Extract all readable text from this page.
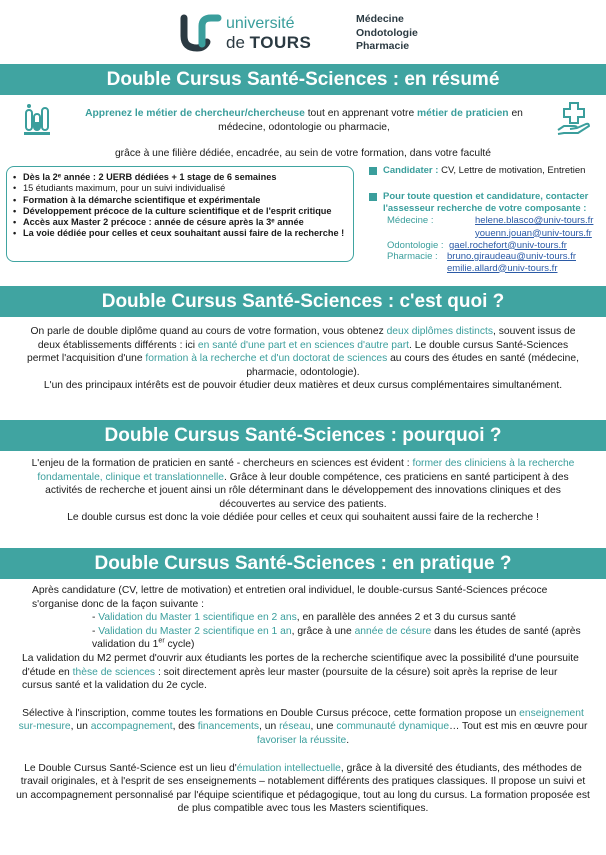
université
de TOURS
Médecine
Ondotologie
Pharmacie
Double Cursus Santé-Sciences : en résumé

Apprenez le métier de chercheur/chercheuse tout en apprenant votre métier de praticien en médecine, odontologie ou pharmacie,

grâce à une filière dédiée, encadrée, au sein de votre formation, dans votre faculté

• Dès la 2ᵉ année : 2 UERB dédiées + 1 stage de 6 semaines
• 15 étudiants maximum, pour un suivi individualisé
• Formation à la démarche scientifique et expérimentale
• Développement précoce de la culture scientifique et de l'esprit critique
• Accès aux Master 2 précoce : année de césure après la 3ᵉ année
• La voie dédiée pour celles et ceux souhaitant aussi faire de la recherche !
Candidater : CV, Lettre de motivation, Entretien
Pour toute question et candidature, contacter
l'assesseur recherche de votre composante :
Médecine :	helene.blasco@univ-tours.fr
youenn.jouan@univ-tours.fr
Odontologie : gael.rochefort@univ-tours.fr
Pharmacie : bruno.giraudeau@univ-tours.fr
emilie.allard@univ-tours.fr
Double Cursus Santé-Sciences : c'est quoi ?

On parle de double diplôme quand au cours de votre formation, vous obtenez deux diplômes distincts, souvent issus de deux établissements différents : ici en santé d'une part et en sciences d'autre part. Le double cursus Santé-Sciences permet l'acquisition d'une formation à la recherche et d'un doctorat de sciences au cours des études en santé (médecine, pharmacie, odontologie).

L'un des principaux intérêts est de pouvoir étudier deux matières et deux cursus complémentaires simultanément.

Double Cursus Santé-Sciences : pourquoi ?

L'enjeu de la formation de praticien en santé - chercheurs en sciences est évident : former des cliniciens à la recherche fondamentale, clinique et translationnelle. Grâce à leur double compétence, ces praticiens en santé participent à des activités de recherche et jouent ainsi un rôle déterminant dans le développement des innovations cliniques et des découvertes au service des patients.

Le double cursus est donc la voie dédiée pour celles et ceux qui souhaitent aussi faire de la recherche !

Double Cursus Santé-Sciences : en pratique ?

Après candidature (CV, lettre de motivation) et entretien oral individuel, le double-cursus Santé-Sciences précoce s'organise donc de la façon suivante :

- Validation du Master 1 scientifique en 2 ans, en parallèle des années 2 et 3 du cursus santé

- Validation du Master 2 scientifique en 1 an, grâce à une année de césure dans les études de santé (après validation du 1er cycle)

La validation du M2 permet d'ouvrir aux étudiants les portes de la recherche scientifique avec la possibilité d'une poursuite d'étude en thèse de sciences : soit directement après leur master (poursuite de la césure) soit après la reprise de leur cursus santé et la validation du 2e cycle.

Sélective à l'inscription, comme toutes les formations en Double Cursus précoce, cette formation propose un enseignement sur-mesure, un accompagnement, des financements, un réseau, une communauté dynamique… Tout est mis en œuvre pour favoriser la réussite.

Le Double Cursus Santé-Science est un lieu d'émulation intellectuelle, grâce à la diversité des étudiants, des méthodes de travail originales, et à l'esprit de ses enseignements – notablement différents des pratiques classiques. Il propose un suivi et un accompagnement personnalisé par l'équipe scientifique et pédagogique, tout au long du cursus. La formation proposée est de plus compatible avec tous les Masters scientifiques.
